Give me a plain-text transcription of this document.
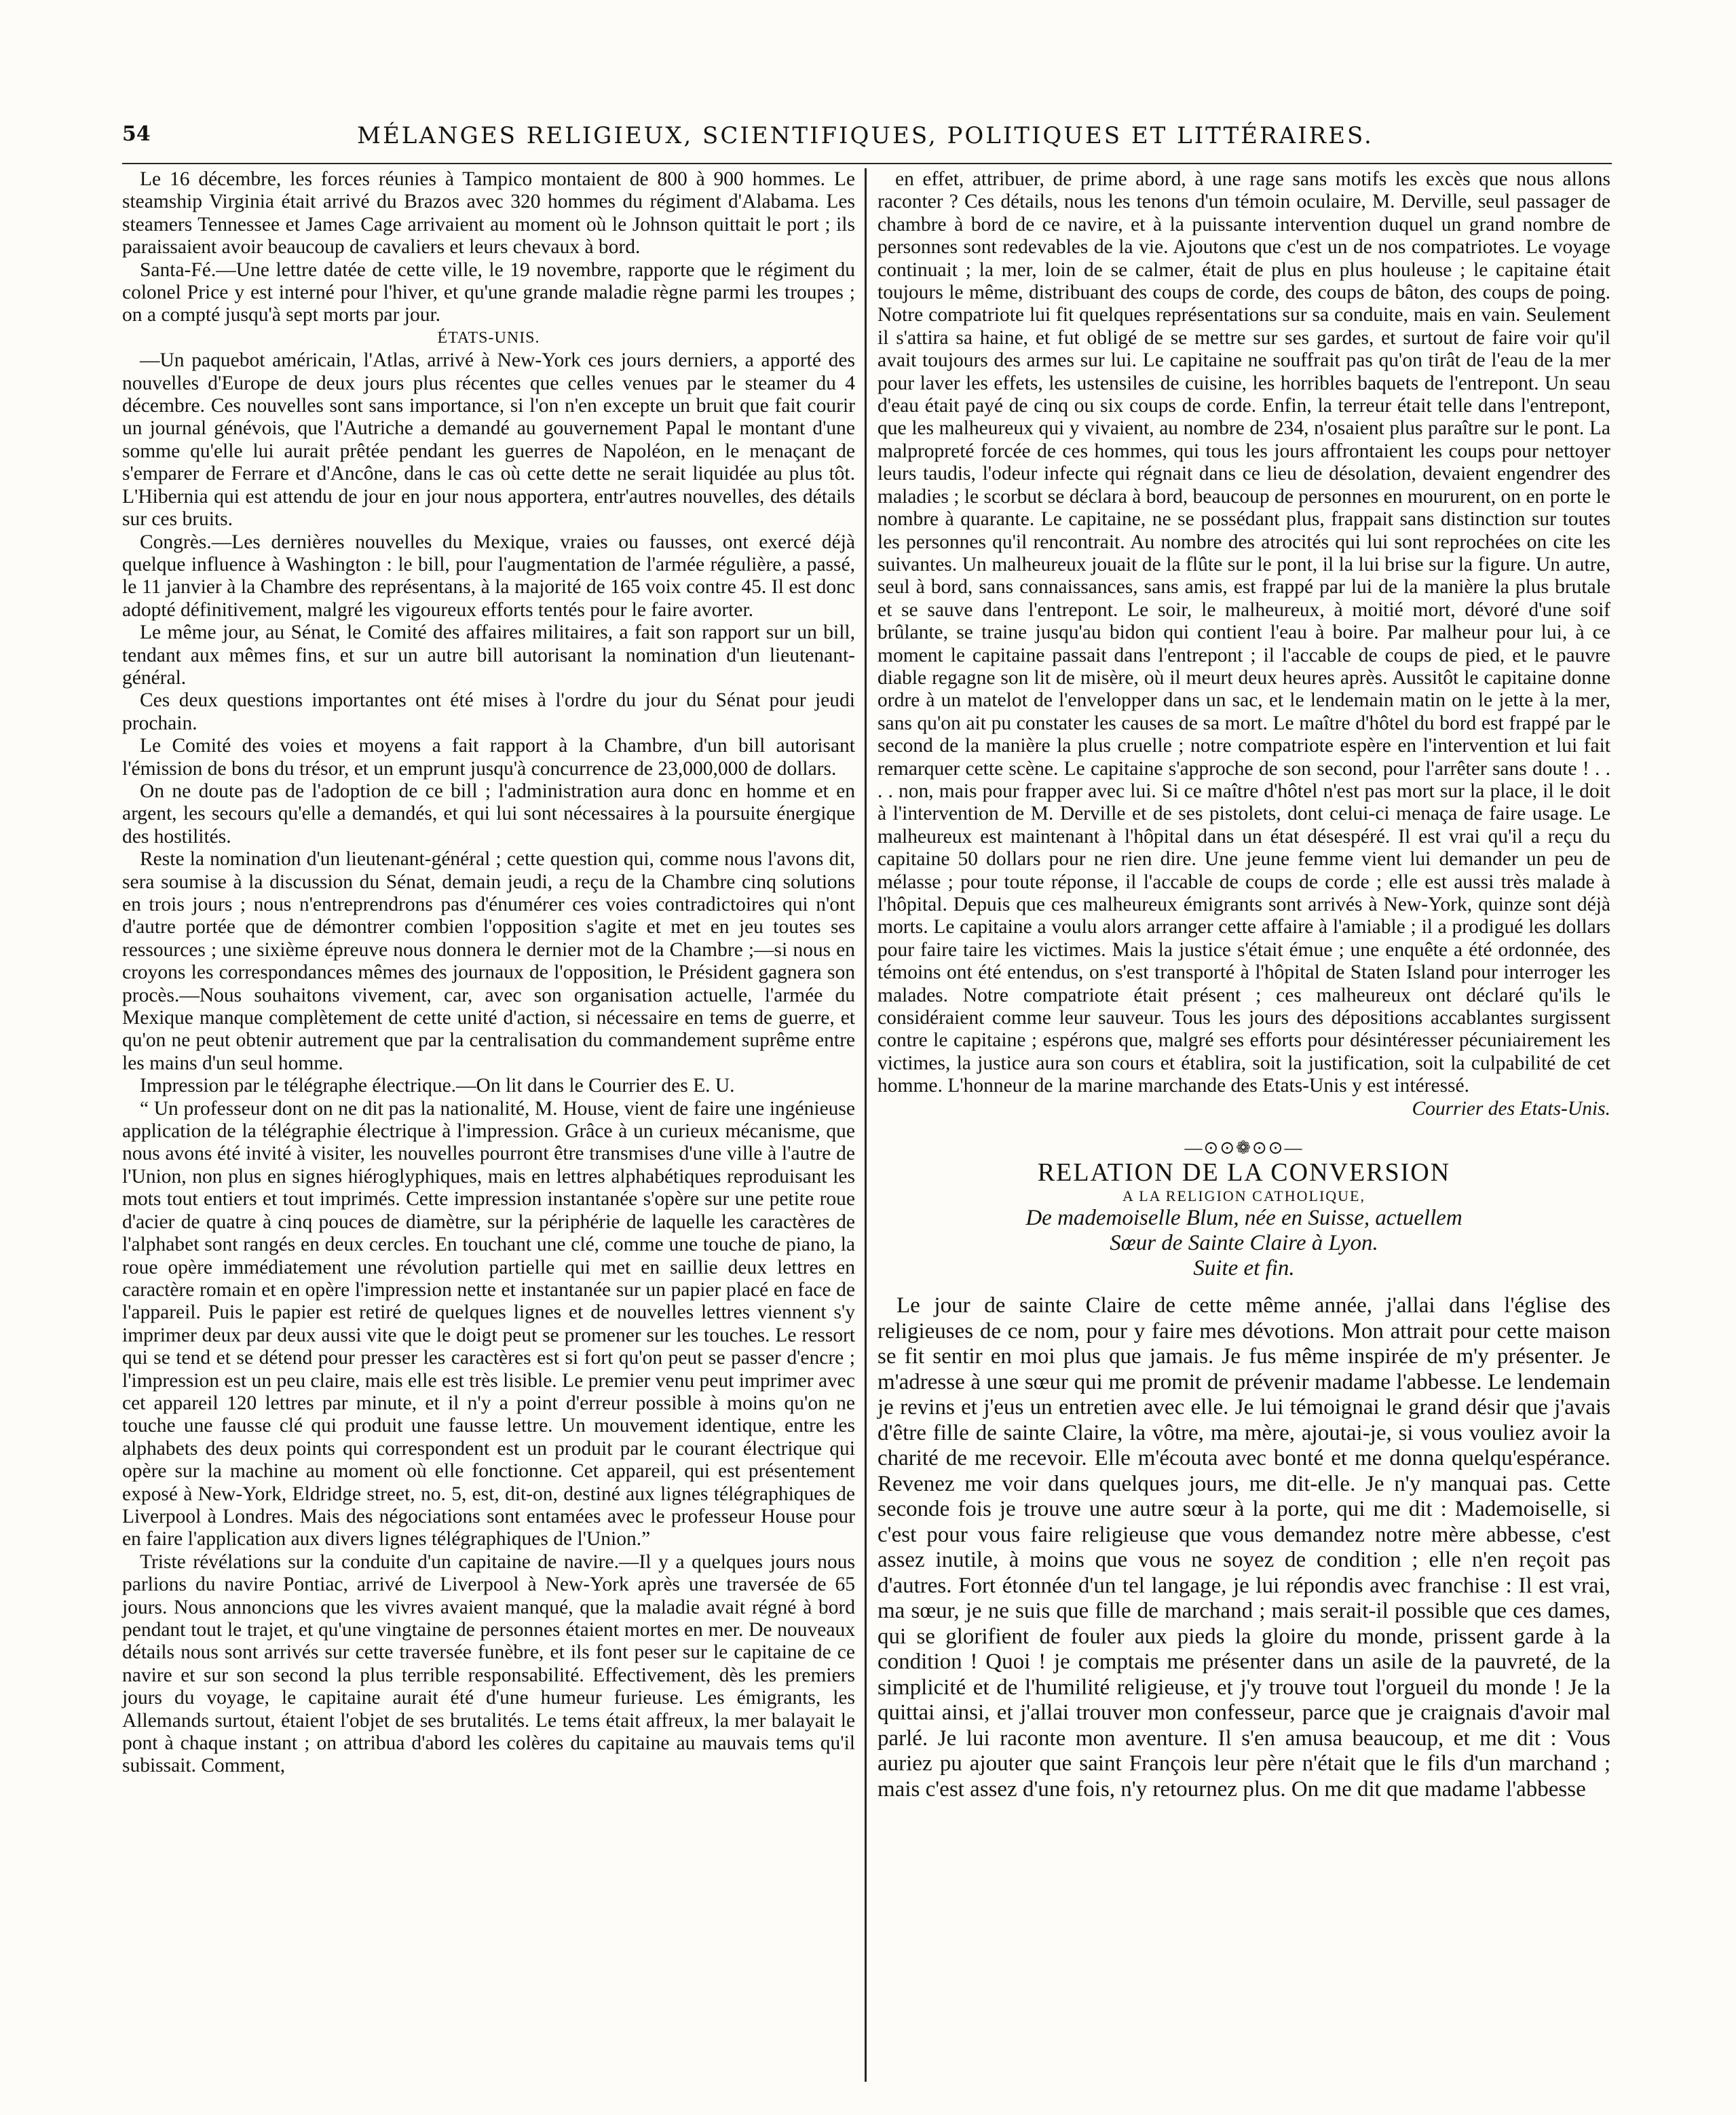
54	MÉLANGES RELIGIEUX, SCIENTIFIQUES, POLITIQUES ET LITTÉRAIRES.

Le 16 décembre, les forces réunies à Tampico montaient de 800 à 900 hommes. Le steamship Virginia était arrivé du Brazos avec 320 hommes du régiment d'Alabama. Les steamers Tennessee et James Cage arrivaient au moment où le Johnson quittait le port ; ils paraissaient avoir beaucoup de cavaliers et leurs chevaux à bord.

Santa-Fé.—Une lettre datée de cette ville, le 19 novembre, rapporte que le régiment du colonel Price y est interné pour l'hiver, et qu'une grande maladie règne parmi les troupes ; on a compté jusqu'à sept morts par jour.

ÉTATS-UNIS.

—Un paquebot américain, l'Atlas, arrivé à New-York ces jours derniers, a apporté des nouvelles d'Europe de deux jours plus récentes que celles venues par le steamer du 4 décembre. Ces nouvelles sont sans importance, si l'on n'en excepte un bruit que fait courir un journal génévois, que l'Autriche a demandé au gouvernement Papal le montant d'une somme qu'elle lui aurait prêtée pendant les guerres de Napoléon, en le menaçant de s'emparer de Ferrare et d'Ancône, dans le cas où cette dette ne serait liquidée au plus tôt. L'Hibernia qui est attendu de jour en jour nous apportera, entr'autres nouvelles, des détails sur ces bruits.

Congrès.—Les dernières nouvelles du Mexique, vraies ou fausses, ont exercé déjà quelque influence à Washington : le bill, pour l'augmentation de l'armée régulière, a passé, le 11 janvier à la Chambre des représentans, à la majorité de 165 voix contre 45. Il est donc adopté définitivement, malgré les vigoureux efforts tentés pour le faire avorter.

Le même jour, au Sénat, le Comité des affaires militaires, a fait son rapport sur un bill, tendant aux mêmes fins, et sur un autre bill autorisant la nomination d'un lieutenant-général.

Ces deux questions importantes ont été mises à l'ordre du jour du Sénat pour jeudi prochain.

Le Comité des voies et moyens a fait rapport à la Chambre, d'un bill autorisant l'émission de bons du trésor, et un emprunt jusqu'à concurrence de 23,000,000 de dollars.

On ne doute pas de l'adoption de ce bill ; l'administration aura donc en homme et en argent, les secours qu'elle a demandés, et qui lui sont nécessaires à la poursuite énergique des hostilités.

Reste la nomination d'un lieutenant-général ; cette question qui, comme nous l'avons dit, sera soumise à la discussion du Sénat, demain jeudi, a reçu de la Chambre cinq solutions en trois jours ; nous n'entreprendrons pas d'énumérer ces voies contradictoires qui n'ont d'autre portée que de démontrer combien l'opposition s'agite et met en jeu toutes ses ressources ; une sixième épreuve nous donnera le dernier mot de la Chambre ;—si nous en croyons les correspondances mêmes des journaux de l'opposition, le Président gagnera son procès.—Nous souhaitons vivement, car, avec son organisation actuelle, l'armée du Mexique manque complètement de cette unité d'action, si nécessaire en tems de guerre, et qu'on ne peut obtenir autrement que par la centralisation du commandement suprême entre les mains d'un seul homme.

Impression par le télégraphe électrique.—On lit dans le Courrier des E. U.

“ Un professeur dont on ne dit pas la nationalité, M. House, vient de faire une ingénieuse application de la télégraphie électrique à l'impression. Grâce à un curieux mécanisme, que nous avons été invité à visiter, les nouvelles pourront être transmises d'une ville à l'autre de l'Union, non plus en signes hiéroglyphiques, mais en lettres alphabétiques reproduisant les mots tout entiers et tout imprimés. Cette impression instantanée s'opère sur une petite roue d'acier de quatre à cinq pouces de diamètre, sur la périphérie de laquelle les caractères de l'alphabet sont rangés en deux cercles. En touchant une clé, comme une touche de piano, la roue opère immédiatement une révolution partielle qui met en saillie deux lettres en caractère romain et en opère l'impression nette et instantanée sur un papier placé en face de l'appareil. Puis le papier est retiré de quelques lignes et de nouvelles lettres viennent s'y imprimer deux par deux aussi vite que le doigt peut se promener sur les touches. Le ressort qui se tend et se détend pour presser les caractères est si fort qu'on peut se passer d'encre ; l'impression est un peu claire, mais elle est très lisible. Le premier venu peut imprimer avec cet appareil 120 lettres par minute, et il n'y a point d'erreur possible à moins qu'on ne touche une fausse clé qui produit une fausse lettre. Un mouvement identique, entre les alphabets des deux points qui correspondent est un produit par le courant électrique qui opère sur la machine au moment où elle fonctionne. Cet appareil, qui est présentement exposé à New-York, Eldridge street, no. 5, est, dit-on, destiné aux lignes télégraphiques de Liverpool à Londres. Mais des négociations sont entamées avec le professeur House pour en faire l'application aux divers lignes télégraphiques de l'Union.”

Triste révélations sur la conduite d'un capitaine de navire.—Il y a quelques jours nous parlions du navire Pontiac, arrivé de Liverpool à New-York après une traversée de 65 jours. Nous annoncions que les vivres avaient manqué, que la maladie avait régné à bord pendant tout le trajet, et qu'une vingtaine de personnes étaient mortes en mer. De nouveaux détails nous sont arrivés sur cette traversée funèbre, et ils font peser sur le capitaine de ce navire et sur son second la plus terrible responsabilité. Effectivement, dès les premiers jours du voyage, le capitaine aurait été d'une humeur furieuse. Les émigrants, les Allemands surtout, étaient l'objet de ses brutalités. Le tems était affreux, la mer balayait le pont à chaque instant ; on attribua d'abord les colères du capitaine au mauvais tems qu'il subissait. Comment,

en effet, attribuer, de prime abord, à une rage sans motifs les excès que nous allons raconter ? Ces détails, nous les tenons d'un témoin oculaire, M. Derville, seul passager de chambre à bord de ce navire, et à la puissante intervention duquel un grand nombre de personnes sont redevables de la vie. Ajoutons que c'est un de nos compatriotes. Le voyage continuait ; la mer, loin de se calmer, était de plus en plus houleuse ; le capitaine était toujours le même, distribuant des coups de corde, des coups de bâton, des coups de poing. Notre compatriote lui fit quelques représentations sur sa conduite, mais en vain. Seulement il s'attira sa haine, et fut obligé de se mettre sur ses gardes, et surtout de faire voir qu'il avait toujours des armes sur lui. Le capitaine ne souffrait pas qu'on tirât de l'eau de la mer pour laver les effets, les ustensiles de cuisine, les horribles baquets de l'entrepont. Un seau d'eau était payé de cinq ou six coups de corde. Enfin, la terreur était telle dans l'entrepont, que les malheureux qui y vivaient, au nombre de 234, n'osaient plus paraître sur le pont. La malpropreté forcée de ces hommes, qui tous les jours affrontaient les coups pour nettoyer leurs taudis, l'odeur infecte qui régnait dans ce lieu de désolation, devaient engendrer des maladies ; le scorbut se déclara à bord, beaucoup de personnes en moururent, on en porte le nombre à quarante. Le capitaine, ne se possédant plus, frappait sans distinction sur toutes les personnes qu'il rencontrait. Au nombre des atrocités qui lui sont reprochées on cite les suivantes. Un malheureux jouait de la flûte sur le pont, il la lui brise sur la figure. Un autre, seul à bord, sans connaissances, sans amis, est frappé par lui de la manière la plus brutale et se sauve dans l'entrepont. Le soir, le malheureux, à moitié mort, dévoré d'une soif brûlante, se traine jusqu'au bidon qui contient l'eau à boire. Par malheur pour lui, à ce moment le capitaine passait dans l'entrepont ; il l'accable de coups de pied, et le pauvre diable regagne son lit de misère, où il meurt deux heures après. Aussitôt le capitaine donne ordre à un matelot de l'envelopper dans un sac, et le lendemain matin on le jette à la mer, sans qu'on ait pu constater les causes de sa mort. Le maître d'hôtel du bord est frappé par le second de la manière la plus cruelle ; notre compatriote espère en l'intervention et lui fait remarquer cette scène. Le capitaine s'approche de son second, pour l'arrêter sans doute ! . . . . non, mais pour frapper avec lui. Si ce maître d'hôtel n'est pas mort sur la place, il le doit à l'intervention de M. Derville et de ses pistolets, dont celui-ci menaça de faire usage. Le malheureux est maintenant à l'hôpital dans un état désespéré. Il est vrai qu'il a reçu du capitaine 50 dollars pour ne rien dire. Une jeune femme vient lui demander un peu de mélasse ; pour toute réponse, il l'accable de coups de corde ; elle est aussi très malade à l'hôpital. Depuis que ces malheureux émigrants sont arrivés à New-York, quinze sont déjà morts. Le capitaine a voulu alors arranger cette affaire à l'amiable ; il a prodigué les dollars pour faire taire les victimes. Mais la justice s'était émue ; une enquête a été ordonnée, des témoins ont été entendus, on s'est transporté à l'hôpital de Staten Island pour interroger les malades. Notre compatriote était présent ; ces malheureux ont déclaré qu'ils le considéraient comme leur sauveur. Tous les jours des dépositions accablantes surgissent contre le capitaine ; espérons que, malgré ses efforts pour désintéresser pécuniairement les victimes, la justice aura son cours et établira, soit la justification, soit la culpabilité de cet homme. L'honneur de la marine marchande des Etats-Unis y est intéressé.

Courrier des Etats-Unis.

—⊙⊙❁⊙⊙—
RELATION DE LA CONVERSION
A LA RELIGION CATHOLIQUE,

De mademoiselle Blum, née en Suisse, actuellem

Sœur de Sainte Claire à Lyon.

Suite et fin.

Le jour de sainte Claire de cette même année, j'allai dans l'église des religieuses de ce nom, pour y faire mes dévotions. Mon attrait pour cette maison se fit sentir en moi plus que jamais. Je fus même inspirée de m'y présenter. Je m'adresse à une sœur qui me promit de prévenir madame l'abbesse. Le lendemain je revins et j'eus un entretien avec elle. Je lui témoignai le grand désir que j'avais d'être fille de sainte Claire, la vôtre, ma mère, ajoutai-je, si vous vouliez avoir la charité de me recevoir. Elle m'écouta avec bonté et me donna quelqu'espérance. Revenez me voir dans quelques jours, me dit-elle. Je n'y manquai pas. Cette seconde fois je trouve une autre sœur à la porte, qui me dit : Mademoiselle, si c'est pour vous faire religieuse que vous demandez notre mère abbesse, c'est assez inutile, à moins que vous ne soyez de condition ; elle n'en reçoit pas d'autres. Fort étonnée d'un tel langage, je lui répondis avec franchise : Il est vrai, ma sœur, je ne suis que fille de marchand ; mais serait-il possible que ces dames, qui se glorifient de fouler aux pieds la gloire du monde, prissent garde à la condition ! Quoi ! je comptais me présenter dans un asile de la pauvreté, de la simplicité et de l'humilité religieuse, et j'y trouve tout l'orgueil du monde ! Je la quittai ainsi, et j'allai trouver mon confesseur, parce que je craignais d'avoir mal parlé. Je lui raconte mon aventure. Il s'en amusa beaucoup, et me dit : Vous auriez pu ajouter que saint François leur père n'était que le fils d'un marchand ; mais c'est assez d'une fois, n'y retournez plus. On me dit que madame l'abbesse
